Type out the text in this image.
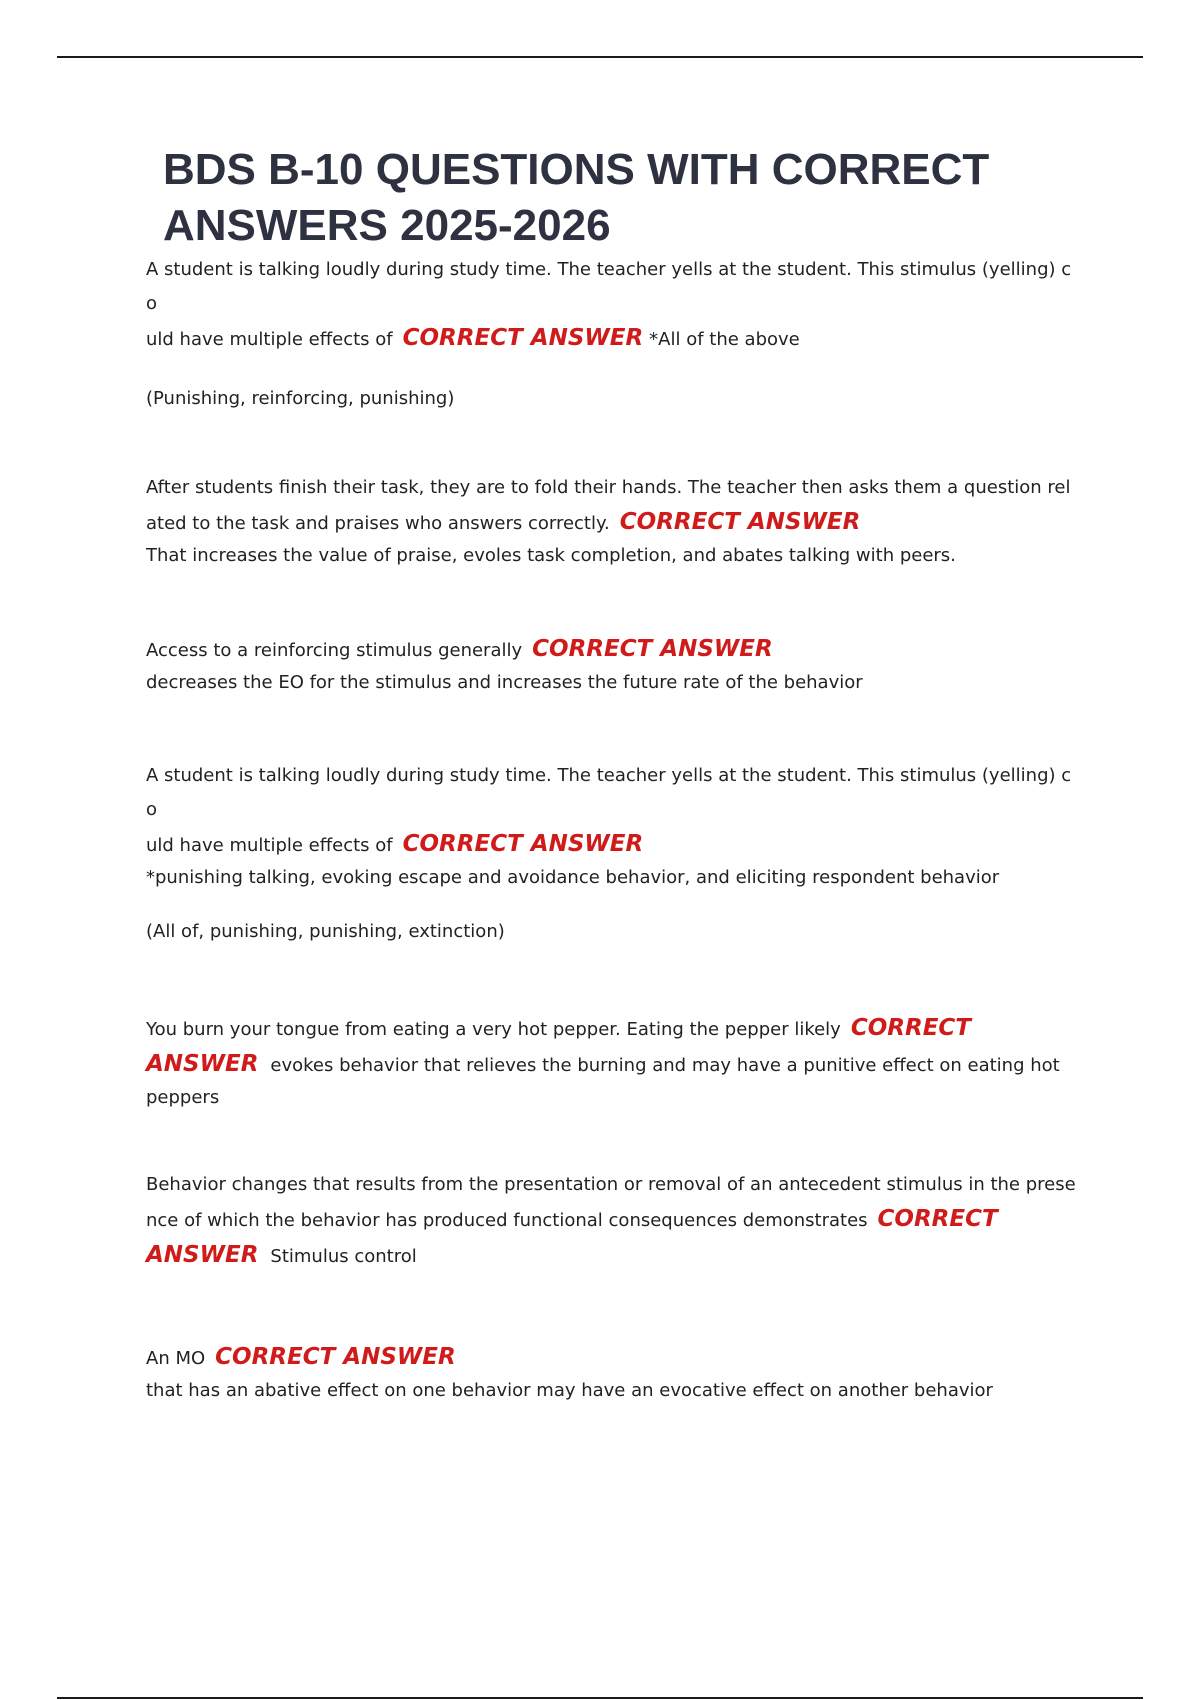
BDS B-10 QUESTIONS WITH CORRECT
ANSWERS 2025-2026
A student is talking loudly during study time. The teacher yells at the student. This stimulus (yelling) co
uld have multiple effects of CORRECT ANSWER *All of the above
(Punishing, reinforcing, punishing)
After students finish their task, they are to fold their hands. The teacher then asks them a question rel
ated to the task and praises who answers correctly. CORRECT ANSWER
That increases the value of praise, evoles task completion, and abates talking with peers.
Access to a reinforcing stimulus generally CORRECT ANSWER
decreases the EO for the stimulus and increases the future rate of the behavior
A student is talking loudly during study time. The teacher yells at the student. This stimulus (yelling) co
uld have multiple effects of CORRECT ANSWER
*punishing talking, evoking escape and avoidance behavior, and eliciting respondent behavior
(All of, punishing, punishing, extinction)
You burn your tongue from eating a very hot pepper. Eating the pepper likely CORRECT
ANSWER evokes behavior that relieves the burning and may have a punitive effect on eating hot
peppers
Behavior changes that results from the presentation or removal of an antecedent stimulus in the prese
nce of which the behavior has produced functional consequences demonstrates CORRECT
ANSWER Stimulus control
An MO CORRECT ANSWER
that has an abative effect on one behavior may have an evocative effect on another behavior
